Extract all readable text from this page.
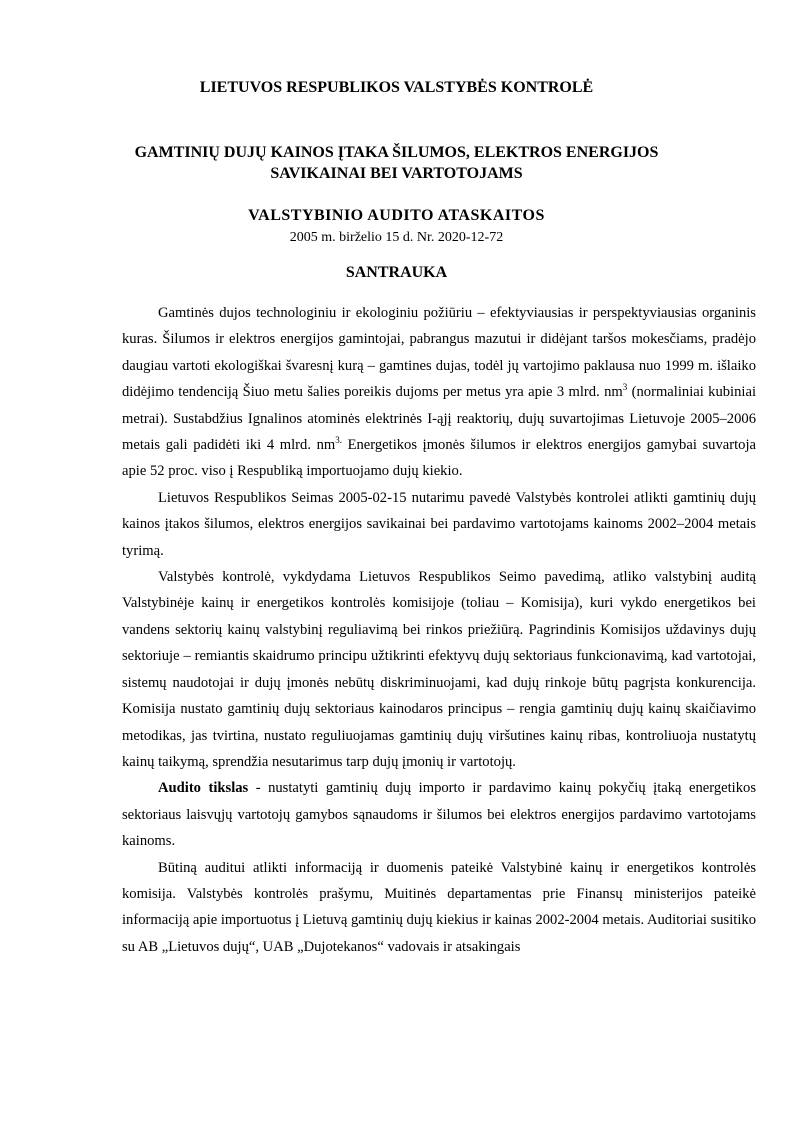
LIETUVOS RESPUBLIKOS VALSTYBĖS KONTROLĖ
GAMTINIŲ DUJŲ KAINOS ĮTAKA ŠILUMOS, ELEKTROS ENERGIJOS
SAVIKAINAI BEI VARTOTOJAMS
VALSTYBINIO AUDITO ATASKAITOS
2005 m. birželio 15 d. Nr. 2020-12-72
SANTRAUKA

Gamtinės dujos technologiniu ir ekologiniu požiūriu – efektyviausias ir perspektyviausias organinis kuras. Šilumos ir elektros energijos gamintojai, pabrangus mazutui ir didėjant taršos mokesčiams, pradėjo daugiau vartoti ekologiškai švaresnį kurą – gamtines dujas, todėl jų vartojimo paklausa nuo 1999 m. išlaiko didėjimo tendenciją Šiuo metu šalies poreikis dujoms per metus yra apie 3 mlrd. $nm^3$ (normaliniai kubiniai metrai). Sustabdžius Ignalinos atominės elektrinės I-ąjį reaktorių, dujų suvartojimas Lietuvoje 2005–2006 metais gali padidėti iki 4 mlrd. $nm^{3.}$ Energetikos įmonės šilumos ir elektros energijos gamybai suvartoja apie 52 proc. viso į Respubliką importuojamo dujų kiekio.

Lietuvos Respublikos Seimas 2005-02-15 nutarimu pavedė Valstybės kontrolei atlikti gamtinių dujų kainos įtakos šilumos, elektros energijos savikainai bei pardavimo vartotojams kainoms 2002–2004 metais tyrimą.

Valstybės kontrolė, vykdydama Lietuvos Respublikos Seimo pavedimą, atliko valstybinį auditą Valstybinėje kainų ir energetikos kontrolės komisijoje (toliau – Komisija), kuri vykdo energetikos bei vandens sektorių kainų valstybinį reguliavimą bei rinkos priežiūrą. Pagrindinis Komisijos uždavinys dujų sektoriuje – remiantis skaidrumo principu užtikrinti efektyvų dujų sektoriaus funkcionavimą, kad vartotojai, sistemų naudotojai ir dujų įmonės nebūtų diskriminuojami, kad dujų rinkoje būtų pagrįsta konkurencija. Komisija nustato gamtinių dujų sektoriaus kainodaros principus – rengia gamtinių dujų kainų skaičiavimo metodikas, jas tvirtina, nustato reguliuojamas gamtinių dujų viršutines kainų ribas, kontroliuoja nustatytų kainų taikymą, sprendžia nesutarimus tarp dujų įmonių ir vartotojų.

Audito tikslas - nustatyti gamtinių dujų importo ir pardavimo kainų pokyčių įtaką energetikos sektoriaus laisvųjų vartotojų gamybos sąnaudoms ir šilumos bei elektros energijos pardavimo vartotojams kainoms.

Būtiną auditui atlikti informaciją ir duomenis pateikė Valstybinė kainų ir energetikos kontrolės komisija. Valstybės kontrolės prašymu, Muitinės departamentas prie Finansų ministerijos pateikė informaciją apie importuotus į Lietuvą gamtinių dujų kiekius ir kainas 2002-2004 metais. Auditoriai susitiko su AB „Lietuvos dujų“, UAB „Dujotekanos“ vadovais ir atsakingais
